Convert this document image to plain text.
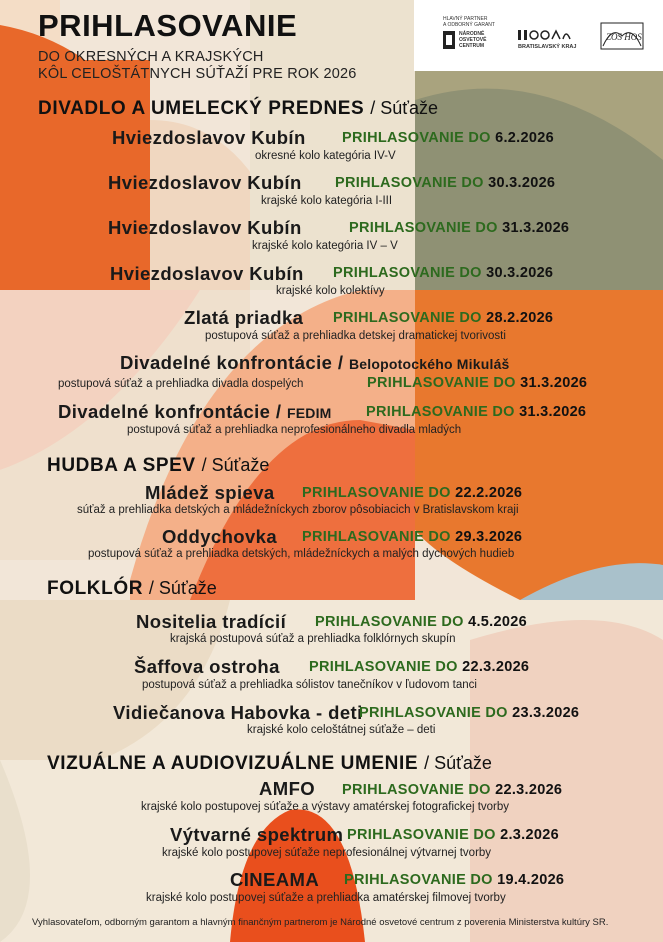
PRIHLASOVANIE
DO OKRESNÝCH A KRAJSKÝCH
KÔL CELOŠTÁTNYCH SÚŤAŽÍ PRE ROK 2026
HLAVNÝ PARTNER
A ODBORNÝ GARANT
NÁRODNÉ
OSVETOVÉ
CENTRUM	BRATISLAVSKÝ KRAJ
ZOS HOS
DIVADLO A UMELECKÝ PREDNES / Súťaže
Hviezdoslavov Kubín	PRIHLASOVANIE DO 6.2.2026
okresné kolo kategória IV-V
Hviezdoslavov Kubín PRIHLASOVANIE DO 30.3.2026
krajské kolo kategória I-III
Hviezdoslavov Kubín	PRIHLASOVANIE DO 31.3.2026
krajské kolo kategória IV – V
Hviezdoslavov Kubín PRIHLASOVANIE DO 30.3.2026
krajské kolo kolektívy
Zlatá priadka PRIHLASOVANIE DO 28.2.2026
postupová súťaž a prehliadka detskej dramatickej tvorivosti
Divadelné konfrontácie / Belopotockého Mikuláš
postupová súťaž a prehliadka divadla dospelých	PRIHLASOVANIE DO 31.3.2026
Divadelné konfrontácie / FEDIM PRIHLASOVANIE DO 31.3.2026
postupová súťaž a prehliadka neprofesionálneho divadla mladých
HUDBA A SPEV / Súťaže
Mládež spieva PRIHLASOVANIE DO 22.2.2026
súťaž a prehliadka detských a mládežníckych zborov pôsobiacich v Bratislavskom kraji
Oddychovka PRIHLASOVANIE DO 29.3.2026
postupová súťaž a prehliadka detských, mládežníckych a malých dychových hudieb
FOLKLÓR / Súťaže
Nositelia tradícií PRIHLASOVANIE DO 4.5.2026
krajská postupová súťaž a prehliadka folklórnych skupín
Šaffova ostroha PRIHLASOVANIE DO 22.3.2026
postupová súťaž a prehliadka sólistov tanečníkov v ľudovom tanci
Vidiečanova Habovka - deti
PRIHLASOVANIE DO 23.3.2026
krajské kolo celoštátnej súťaže – deti
VIZUÁLNE A AUDIOVIZUÁLNE UMENIE / Súťaže
AMFO PRIHLASOVANIE DO 22.3.2026
krajské kolo postupovej súťaže a výstavy amatérskej fotografickej tvorby
Výtvarné spektrum PRIHLASOVANIE DO 2.3.2026
krajské kolo postupovej súťaže neprofesionálnej výtvarnej tvorby
CINEAMA PRIHLASOVANIE DO 19.4.2026
krajské kolo postupovej súťaže a prehliadka amatérskej filmovej tvorby
Vyhlasovateľom, odborným garantom a hlavným finančným partnerom je Národné osvetové centrum z poverenia Ministerstva kultúry SR.
